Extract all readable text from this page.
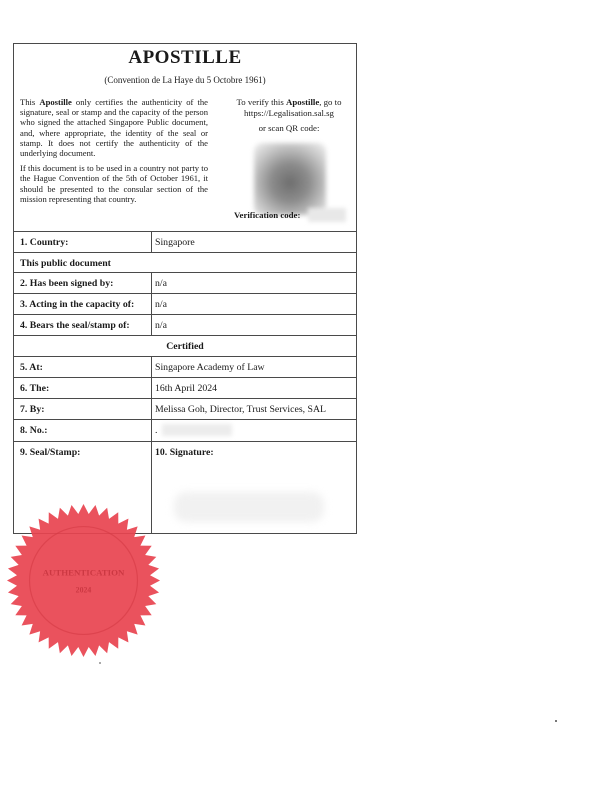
APOSTILLE
(Convention de La Haye du 5 Octobre 1961)

This Apostille only certifies the authenticity of the signature, seal or stamp and the capacity of the person who signed the attached Singapore Public document, and, where appropriate, the identity of the seal or stamp. It does not certify the authenticity of the underlying document.

If this document is to be used in a country not party to the Hague Convention of the 5th of October 1961, it should be presented to the consular section of the mission representing that country.

To verify this Apostille, go to
https://Legalisation.sal.sg
or scan QR code:
Verification code:
1. Country:	Singapore
This public document
2. Has been signed by:	n/a
3. Acting in the capacity of: n/a
4. Bears the seal/stamp of:	n/a
Certified
5. At:	Singapore Academy of Law
6. The:	16th April 2024
7. By:	Melissa Goh, Director, Trust Services, SAL
8. No.:	.
9. Seal/Stamp:	10. Signature:
AUTHENTICATION
2024
